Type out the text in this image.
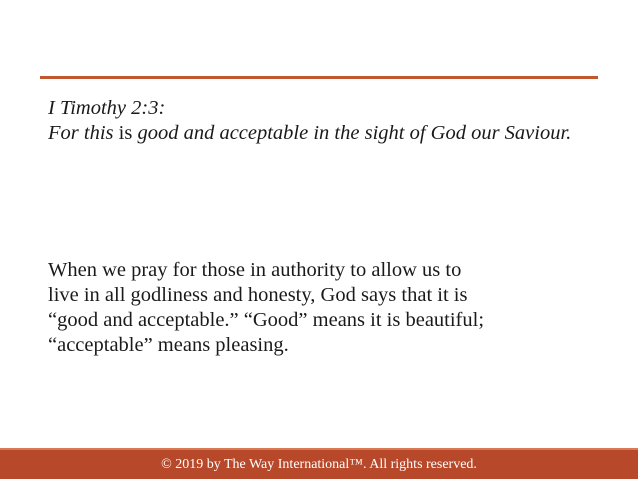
I Timothy 2:3:
For this is good and acceptable in the sight of God our Saviour.

When we pray for those in authority to allow us to
live in all godliness and honesty, God says that it is
“good and acceptable.” “Good” means it is beautiful;
“acceptable” means pleasing.

© 2019 by The Way International™. All rights reserved.
